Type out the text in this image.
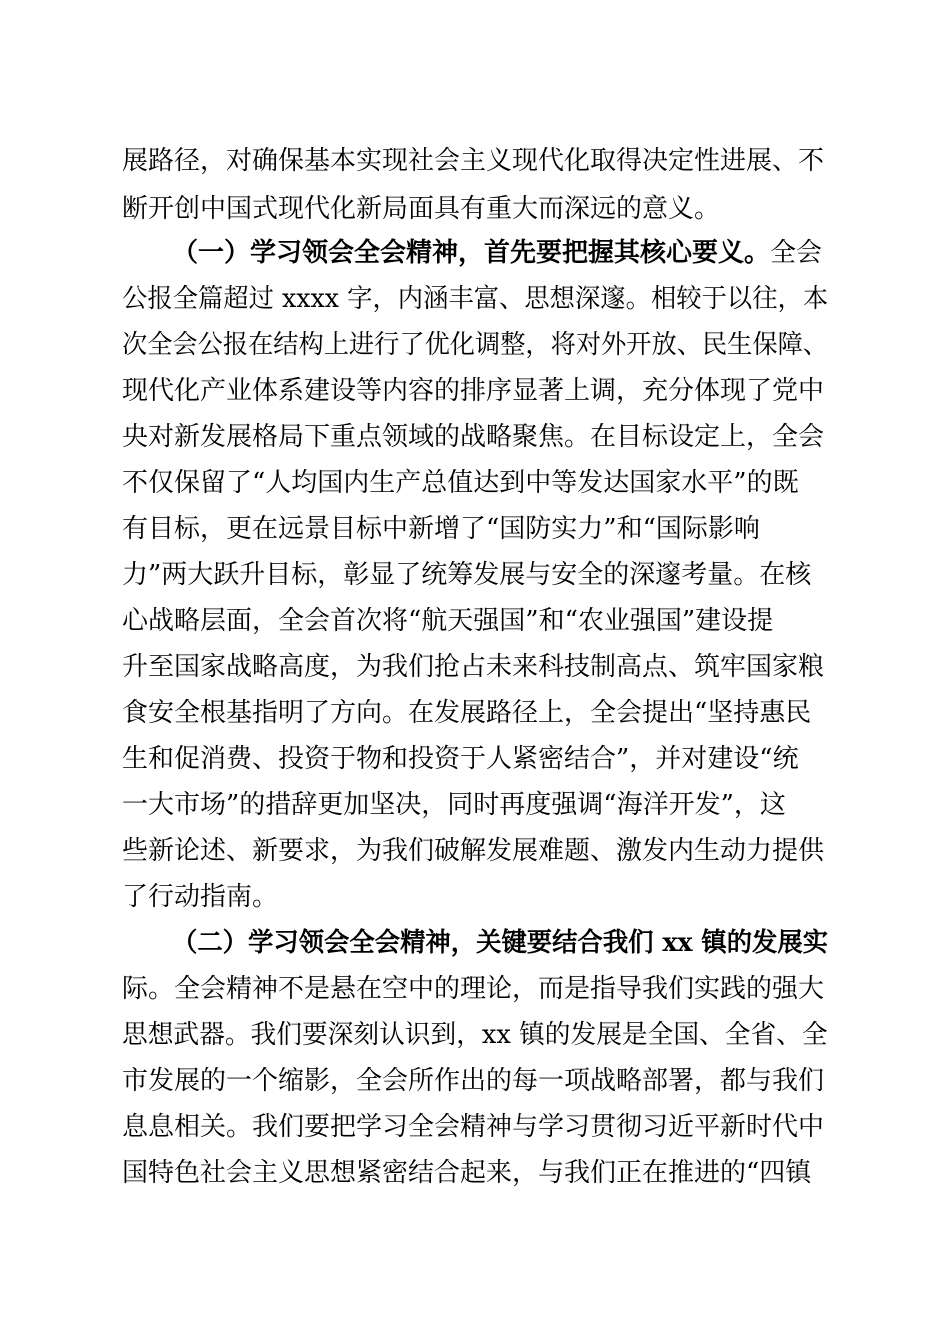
展路径，对确保基本实现社会主义现代化取得决定性进展、不
断开创中国式现代化新局面具有重大而深远的意义。
（一）学习领会全会精神，首先要把握其核心要义。全会
公报全篇超过 xxxx 字，内涵丰富、思想深邃。相较于以往，本
次全会公报在结构上进行了优化调整，将对外开放、民生保障、
现代化产业体系建设等内容的排序显著上调，充分体现了党中
央对新发展格局下重点领域的战略聚焦。在目标设定上，全会
不仅保留了“人均国内生产总值达到中等发达国家水平”的既
有目标，更在远景目标中新增了“国防实力”和“国际影响
力”两大跃升目标，彰显了统筹发展与安全的深邃考量。在核
心战略层面，全会首次将“航天强国”和“农业强国”建设提
升至国家战略高度，为我们抢占未来科技制高点、筑牢国家粮
食安全根基指明了方向。在发展路径上，全会提出“坚持惠民
生和促消费、投资于物和投资于人紧密结合”，并对建设“统
一大市场”的措辞更加坚决，同时再度强调“海洋开发”，这
些新论述、新要求，为我们破解发展难题、激发内生动力提供
了行动指南。
（二）学习领会全会精神，关键要结合我们 xx 镇的发展实
际。全会精神不是悬在空中的理论，而是指导我们实践的强大
思想武器。我们要深刻认识到，xx 镇的发展是全国、全省、全
市发展的一个缩影，全会所作出的每一项战略部署，都与我们
息息相关。我们要把学习全会精神与学习贯彻习近平新时代中
国特色社会主义思想紧密结合起来，与我们正在推进的“四镇
